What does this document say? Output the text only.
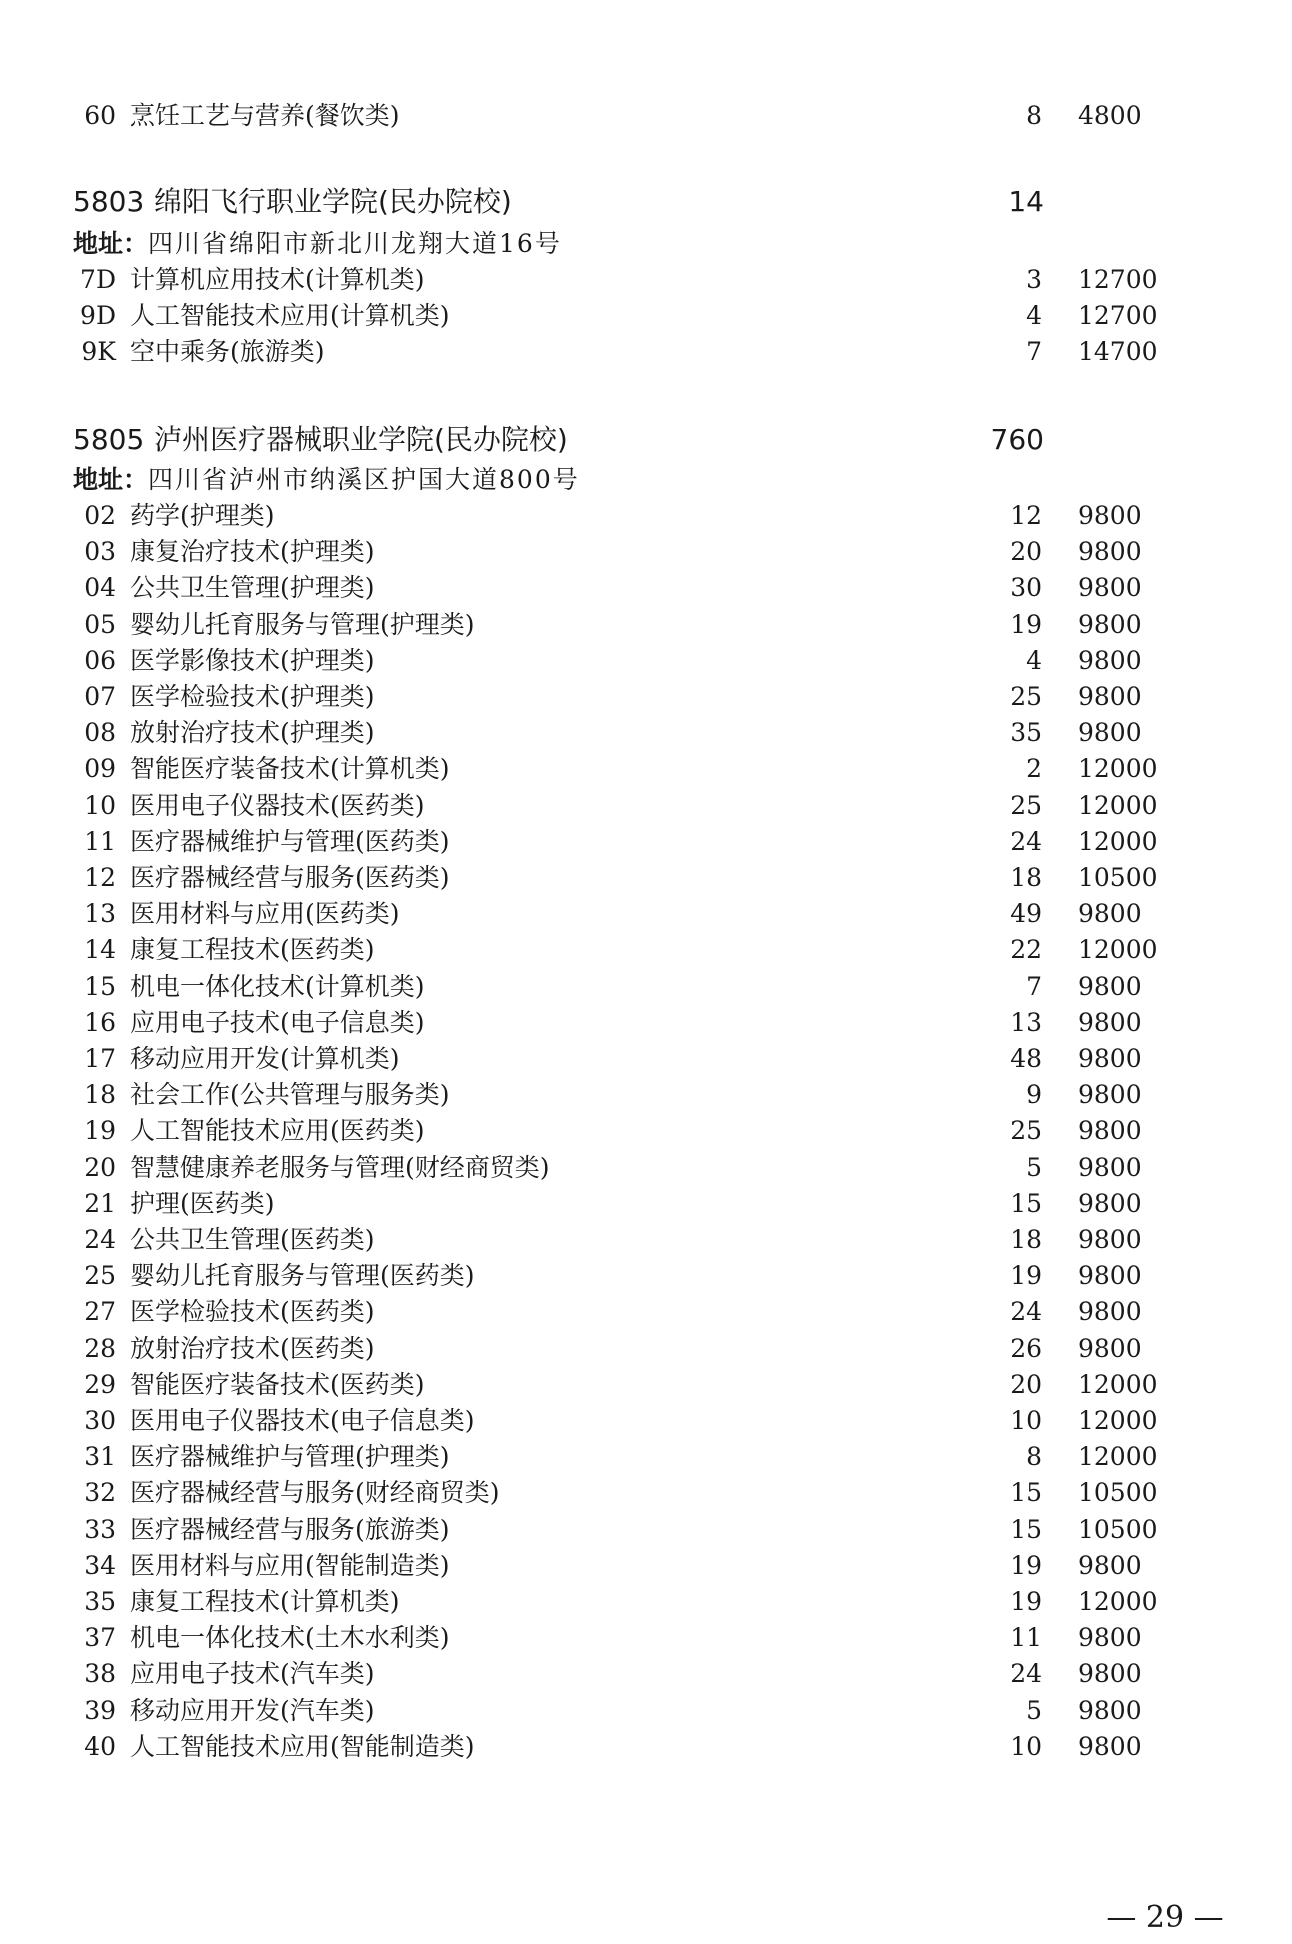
60 烹饪工艺与营养(餐饮类)	8 4800
5803 绵阳飞行职业学院(民办院校)	14
地址：四川省绵阳市新北川龙翔大道16号
7D 计算机应用技术(计算机类)	3 12700
9D 人工智能技术应用(计算机类)	4 12700
9K 空中乘务(旅游类)	7 14700
5805 泸州医疗器械职业学院(民办院校)	760
地址：四川省泸州市纳溪区护国大道800号
02 药学(护理类)	12 9800
03 康复治疗技术(护理类)	20 9800
04 公共卫生管理(护理类)	30 9800
05 婴幼儿托育服务与管理(护理类)	19 9800
06 医学影像技术(护理类)	4 9800
07 医学检验技术(护理类)	25 9800
08 放射治疗技术(护理类)	35 9800
09 智能医疗装备技术(计算机类)	2 12000
10 医用电子仪器技术(医药类)	25 12000
11 医疗器械维护与管理(医药类)	24 12000
12 医疗器械经营与服务(医药类)	18 10500
13 医用材料与应用(医药类)	49 9800
14 康复工程技术(医药类)	22 12000
15 机电一体化技术(计算机类)	7 9800
16 应用电子技术(电子信息类)	13 9800
17 移动应用开发(计算机类)	48 9800
18 社会工作(公共管理与服务类)	9 9800
19 人工智能技术应用(医药类)	25 9800
20 智慧健康养老服务与管理(财经商贸类)	5 9800
21 护理(医药类)	15 9800
24 公共卫生管理(医药类)	18 9800
25 婴幼儿托育服务与管理(医药类)	19 9800
27 医学检验技术(医药类)	24 9800
28 放射治疗技术(医药类)	26 9800
29 智能医疗装备技术(医药类)	20 12000
30 医用电子仪器技术(电子信息类)	10 12000
31 医疗器械维护与管理(护理类)	8 12000
32 医疗器械经营与服务(财经商贸类)	15 10500
33 医疗器械经营与服务(旅游类)	15 10500
34 医用材料与应用(智能制造类)	19 9800
35 康复工程技术(计算机类)	19 12000
37 机电一体化技术(土木水利类)	11 9800
38 应用电子技术(汽车类)	24 9800
39 移动应用开发(汽车类)	5 9800
40 人工智能技术应用(智能制造类)	10 9800
— 29 —
